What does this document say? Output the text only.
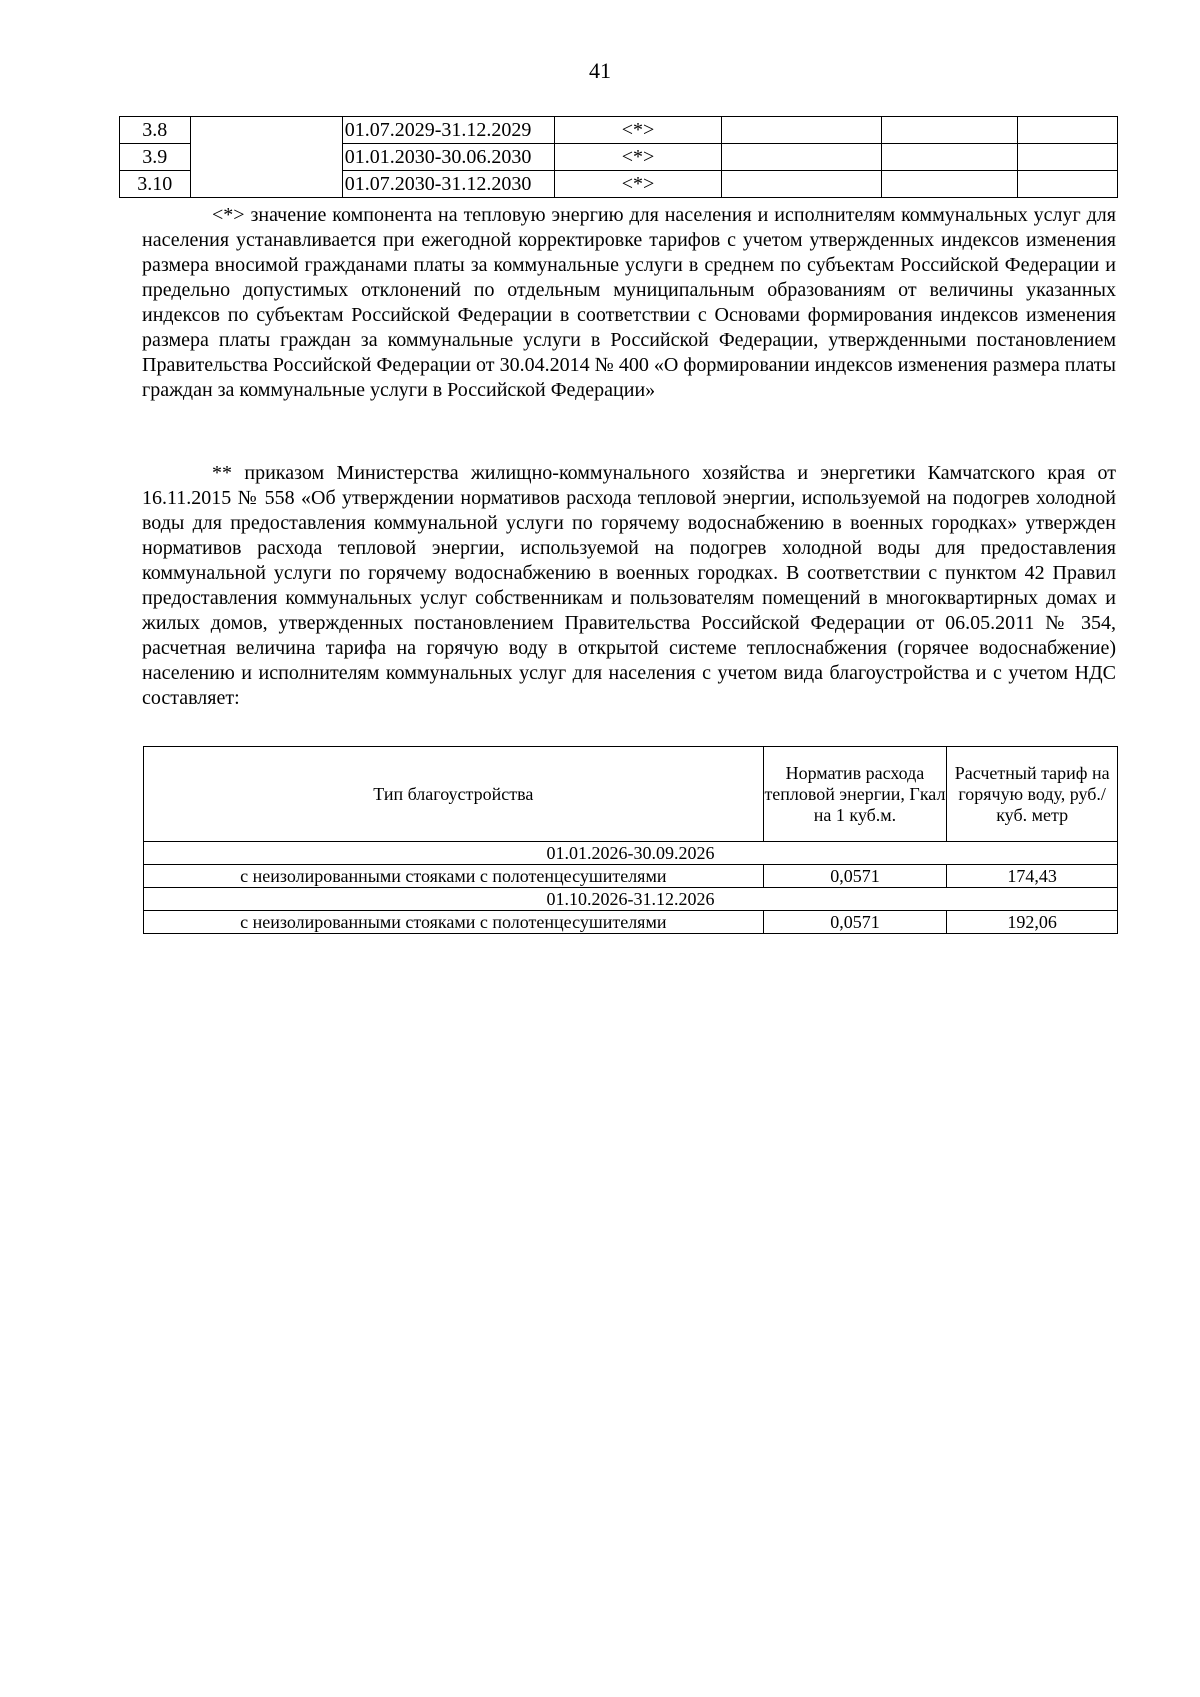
41
3.8		01.07.2029-31.12.2029	<*>			
3.9		01.01.2030-30.06.2030	<*>			
3.10		01.07.2030-31.12.2030	<*>			

<*> значение компонента на тепловую энергию для населения и исполнителям коммунальных услуг для населения устанавливается при ежегодной корректировке тарифов с учетом утвержденных индексов изменения размера вносимой гражданами платы за коммунальные услуги в среднем по субъектам Российской Федерации и предельно допустимых отклонений по отдельным муниципальным образованиям от величины указанных индексов по субъектам Российской Федерации в соответствии с Основами формирования индексов изменения размера платы граждан за коммунальные услуги в Российской Федерации, утвержденными постановлением Правительства Российской Федерации от 30.04.2014 № 400 «О формировании индексов изменения размера платы граждан за коммунальные услуги в Российской Федерации»

** приказом Министерства жилищно-коммунального хозяйства и энергетики Камчатского края от 16.11.2015 № 558 «Об утверждении нормативов расхода тепловой энергии, используемой на подогрев холодной воды для предоставления коммунальной услуги по горячему водоснабжению в военных городках» утвержден нормативов расхода тепловой энергии, используемой на подогрев холодной воды для предоставления коммунальной услуги по горячему водоснабжению в военных городках. В соответствии с пунктом 42 Правил предоставления коммунальных услуг собственникам и пользователям помещений в многоквартирных домах и жилых домов, утвержденных постановлением Правительства Российской Федерации от 06.05.2011 № 354, расчетная величина тарифа на горячую воду в открытой системе теплоснабжения (горячее водоснабжение) населению и исполнителям коммунальных услуг для населения с учетом вида благоустройства и с учетом НДС составляет:

Тип благоустройства	Норматив расхода тепловой энергии, Гкал на 1 куб.м.	Расчетный тариф на горячую воду, руб./куб. метр
01.01.2026-30.09.2026		
с неизолированными стояками с полотенцесушителями	0,0571	174,43
01.10.2026-31.12.2026		
с неизолированными стояками с полотенцесушителями	0,0571	192,06
